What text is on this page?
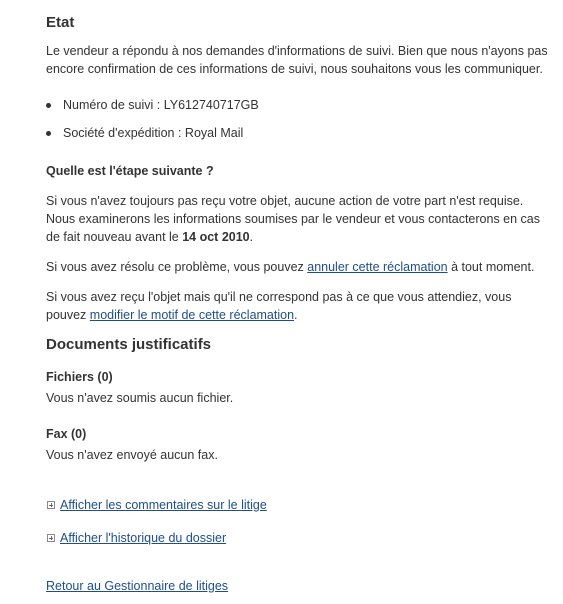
Etat

Le vendeur a répondu à nos demandes d'informations de suivi. Bien que nous n'ayons pas encore confirmation de ces informations de suivi, nous souhaitons vous les communiquer.

Numéro de suivi : LY612740717GB
Société d'expédition : Royal Mail
Quelle est l'étape suivante ?

Si vous n'avez toujours pas reçu votre objet, aucune action de votre part n'est requise. Nous examinerons les informations soumises par le vendeur et vous contacterons en cas de fait nouveau avant le 14 oct 2010.

Si vous avez résolu ce problème, vous pouvez annuler cette réclamation à tout moment.

Si vous avez reçu l'objet mais qu'il ne correspond pas à ce que vous attendiez, vous pouvez modifier le motif de cette réclamation.

Documents justificatifs
Fichiers (0)

Vous n'avez soumis aucun fichier.

Fax (0)

Vous n'avez envoyé aucun fax.

Afficher les commentaires sur le litige
Afficher l'historique du dossier
Retour au Gestionnaire de litiges
